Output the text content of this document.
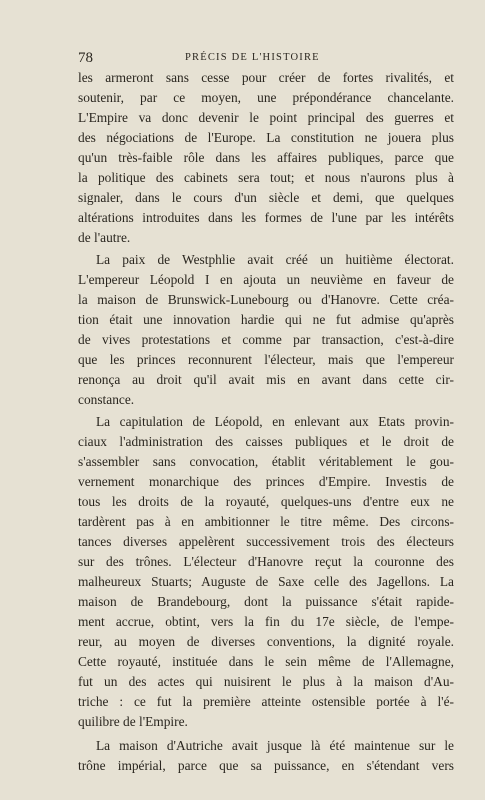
78	PRÉCIS DE L'HISTOIRE
les armeront sans cesse pour créer de fortes rivalités, et
soutenir, par ce moyen, une prépondérance chancelante.
L'Empire va donc devenir le point principal des guerres et
des négociations de l'Europe. La constitution ne jouera plus
qu'un très-faible rôle dans les affaires publiques, parce que
la politique des cabinets sera tout; et nous n'aurons plus à
signaler, dans le cours d'un siècle et demi, que quelques
altérations introduites dans les formes de l'une par les intérêts
de l'autre.
La paix de Westphlie avait créé un huitième électorat.
L'empereur Léopold I en ajouta un neuvième en faveur de
la maison de Brunswick-Lunebourg ou d'Hanovre. Cette créa-
tion était une innovation hardie qui ne fut admise qu'après
de vives protestations et comme par transaction, c'est-à-dire
que les princes reconnurent l'électeur, mais que l'empereur
renonça au droit qu'il avait mis en avant dans cette cir-
constance.
La capitulation de Léopold, en enlevant aux Etats provin-
ciaux l'administration des caisses publiques et le droit de
s'assembler sans convocation, établit véritablement le gou-
vernement monarchique des princes d'Empire. Investis de
tous les droits de la royauté, quelques-uns d'entre eux ne
tardèrent pas à en ambitionner le titre même. Des circons-
tances diverses appelèrent successivement trois des électeurs
sur des trônes. L'électeur d'Hanovre reçut la couronne des
malheureux Stuarts; Auguste de Saxe celle des Jagellons. La
maison de Brandebourg, dont la puissance s'était rapide-
ment accrue, obtint, vers la fin du 17e siècle, de l'empe-
reur, au moyen de diverses conventions, la dignité royale.
Cette royauté, instituée dans le sein même de l'Allemagne,
fut un des actes qui nuisirent le plus à la maison d'Au-
triche : ce fut la première atteinte ostensible portée à l'é-
quilibre de l'Empire.
La maison d'Autriche avait jusque là été maintenue sur le
trône impérial, parce que sa puissance, en s'étendant vers
